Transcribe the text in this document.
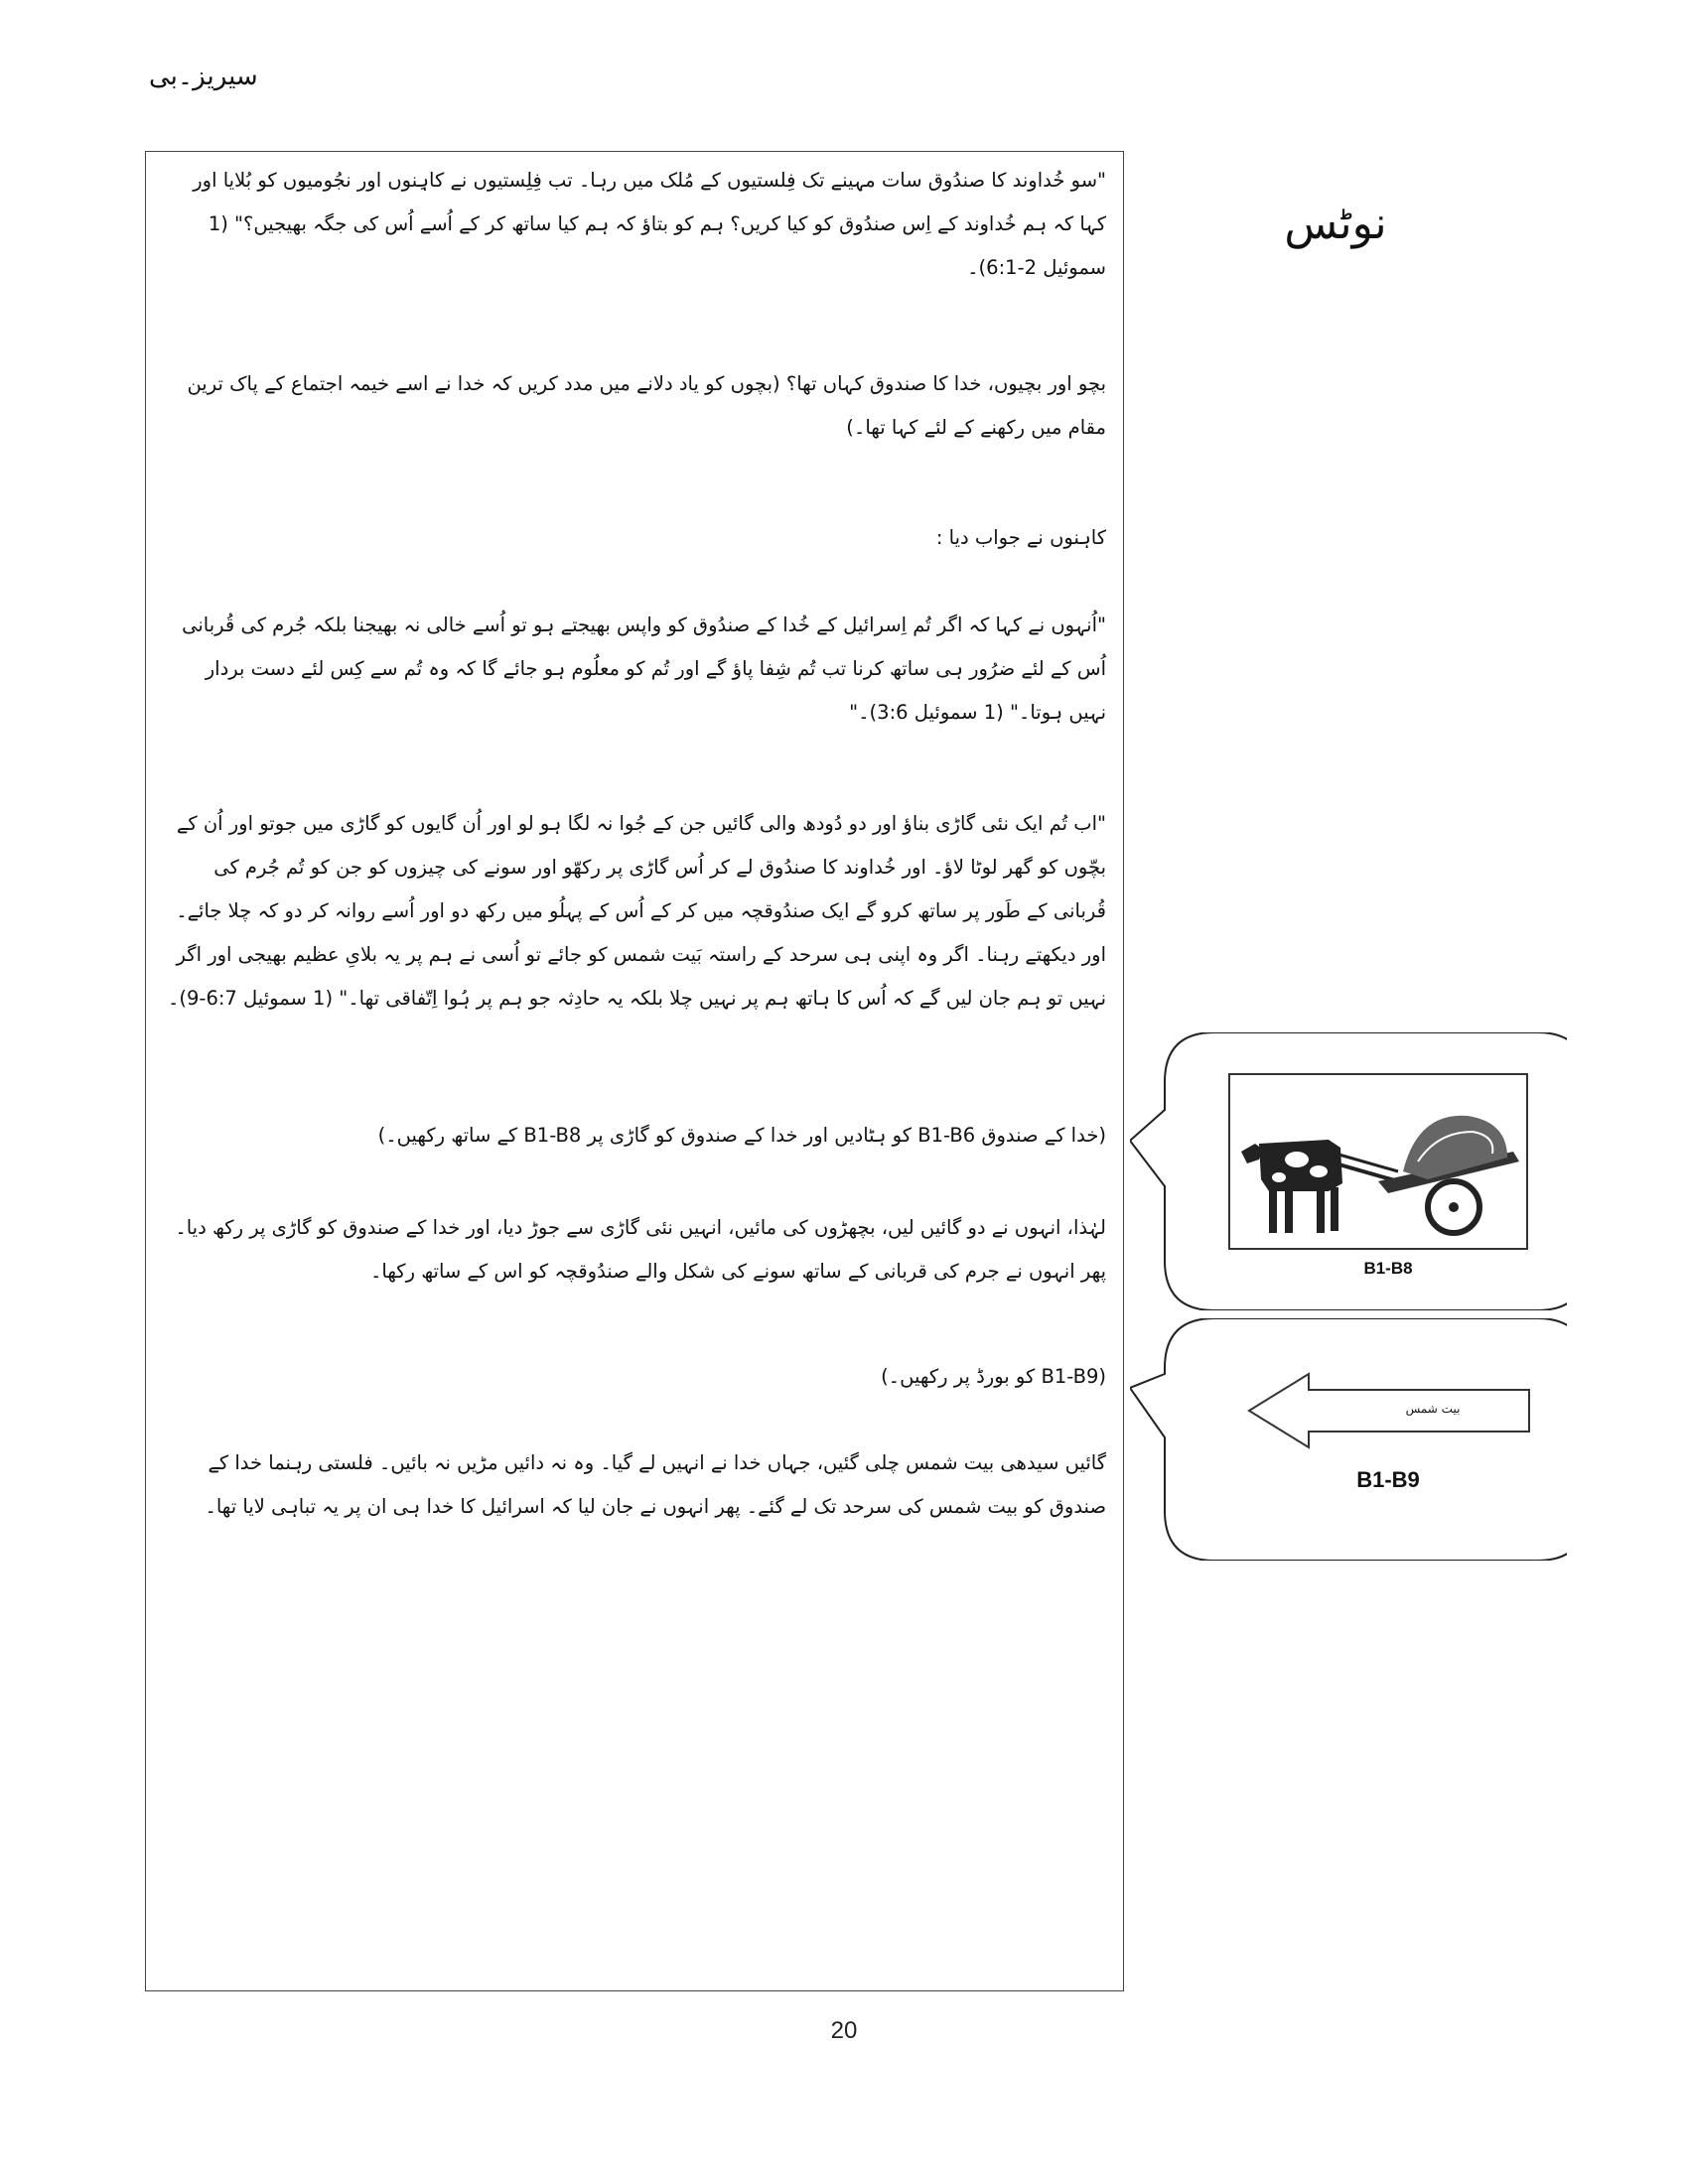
سیریز۔بی
نوٹس
"سو خُداوند کا صندُوق سات مہینے تک فِلستیوں کے مُلک میں رہا۔ تب فِلِستیوں نے کاہِنوں اور نجُومیوں کو بُلایا اور کہا کہ ہم خُداوند کے اِس صندُوق کو کیا کریں؟ ہم کو بتاؤ کہ ہم کیا ساتھ کر کے اُسے اُس کی جگہ بھیجیں؟" (1 سموئیل 2-6:1)۔
بچو اور بچیوں، خدا کا صندوق کہاں تھا؟ (بچوں کو یاد دلانے میں مدد کریں کہ خدا نے اسے خیمہ اجتماع کے پاک ترین مقام میں رکھنے کے لئے کہا تھا۔)
کاہنوں نے جواب دیا :
"اُنہوں نے کہا کہ اگر تُم اِسرائیل کے خُدا کے صندُوق کو واپس بھیجتے ہو تو اُسے خالی نہ بھیجنا بلکہ جُرم کی قُربانی اُس کے لئے ضرُور ہی ساتھ کرنا تب تُم شِفا پاؤ گے اور تُم کو معلُوم ہو جائے گا کہ وہ تُم سے کِس لئے دست بردار نہیں ہوتا۔" (1 سموئیل 3:6)۔"
"اب تُم ایک نئی گاڑی بناؤ اور دو دُودھ والی گائیں جن کے جُوا نہ لگا ہو لو اور اُن گایوں کو گاڑی میں جوتو اور اُن کے بچّوں کو گھر لوٹا لاؤ۔ اور خُداوند کا صندُوق لے کر اُس گاڑی پر رکھّو اور سونے کی چیزوں کو جن کو تُم جُرم کی قُربانی کے طَور پر ساتھ کرو گے ایک صندُوقچہ میں کر کے اُس کے پہلُو میں رکھ دو اور اُسے روانہ کر دو کہ چلا جائے۔ اور دیکھتے رہنا۔ اگر وہ اپنی ہی سرحد کے راستہ بَیت شمس کو جائے تو اُسی نے ہم پر یہ بلایِ عظیم بھیجی اور اگر نہیں تو ہم جان لیں گے کہ اُس کا ہاتھ ہم پر نہیں چلا بلکہ یہ حادِثہ جو ہم پر ہُوا اِتّفاقی تھا۔" (1 سموئیل 6:7-9)۔
(خدا کے صندوق B1-B6 کو ہٹادیں اور خدا کے صندوق کو گاڑی پر B1-B8 کے ساتھ رکھیں۔)
لہٰذا، انہوں نے دو گائیں لیں، بچھڑوں کی مائیں، انہیں نئی گاڑی سے جوڑ دیا، اور خدا کے صندوق کو گاڑی پر رکھ دیا۔ پھر انہوں نے جرم کی قربانی کے ساتھ سونے کی شکل والے صندُوقچہ کو اس کے ساتھ رکھا۔
(B1-B9 کو بورڈ پر رکھیں۔)
گائیں سیدھی بیت شمس چلی گئیں، جہاں خدا نے انہیں لے گیا۔ وہ نہ دائیں مڑیں نہ بائیں۔ فلستی رہنما خدا کے صندوق کو بیت شمس کی سرحد تک لے گئے۔ پھر انہوں نے جان لیا کہ اسرائیل کا خدا ہی ان پر یہ تباہی لایا تھا۔
B1-B8
بیت شمس
B1-B9
20
